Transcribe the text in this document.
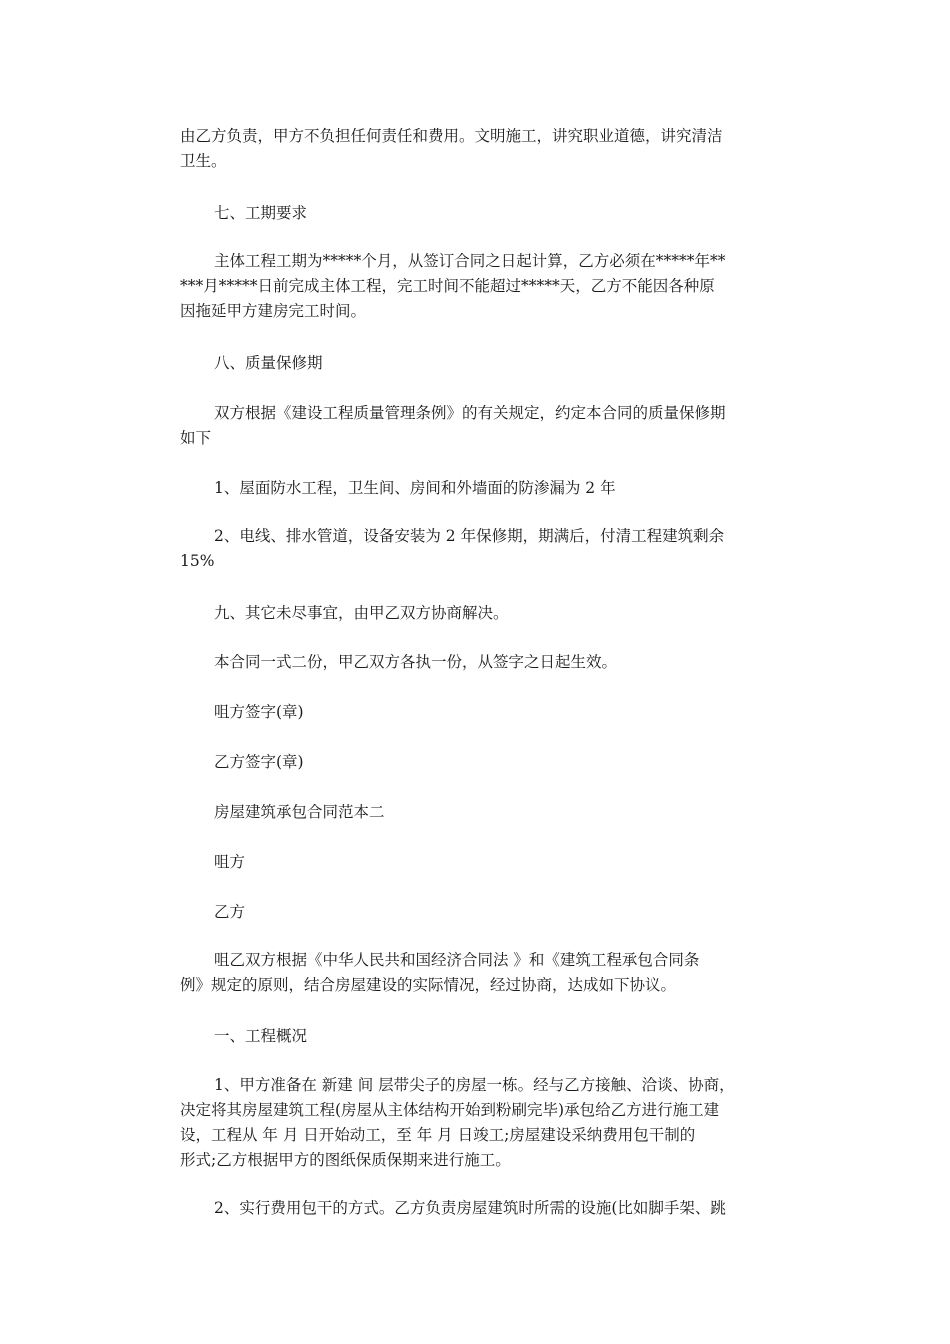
由乙方负责，甲方不负担任何责任和费用。文明施工，讲究职业道德，讲究清洁
卫生。

七、工期要求

主体工程工期为*****个月，从签订合同之日起计算，乙方必须在*****年**
***月*****日前完成主体工程，完工时间不能超过*****天，乙方不能因各种原
因拖延甲方建房完工时间。

八、质量保修期

双方根据《建设工程质量管理条例》的有关规定，约定本合同的质量保修期
如下

1、屋面防水工程，卫生间、房间和外墙面的防渗漏为 2 年

2、电线、排水管道，设备安装为 2 年保修期，期满后，付清工程建筑剩余
15%

九、其它未尽事宜，由甲乙双方协商解决。

本合同一式二份，甲乙双方各执一份，从签字之日起生效。

咀方签字(章)

乙方签字(章)

房屋建筑承包合同范本二

咀方

乙方

咀乙双方根据《中华人民共和国经济合同法 》和《建筑工程承包合同条
例》规定的原则，结合房屋建设的实际情况，经过协商，达成如下协议。

一、工程概况

1、甲方准备在 新建 间 层带尖子的房屋一栋。经与乙方接触、洽谈、协商，
决定将其房屋建筑工程(房屋从主体结构开始到粉刷完毕)承包给乙方进行施工建
设，工程从 年 月 日开始动工，至 年 月 日竣工;房屋建设采纳费用包干制的
形式;乙方根据甲方的图纸保质保期来进行施工。

2、实行费用包干的方式。乙方负责房屋建筑时所需的设施(比如脚手架、跳
